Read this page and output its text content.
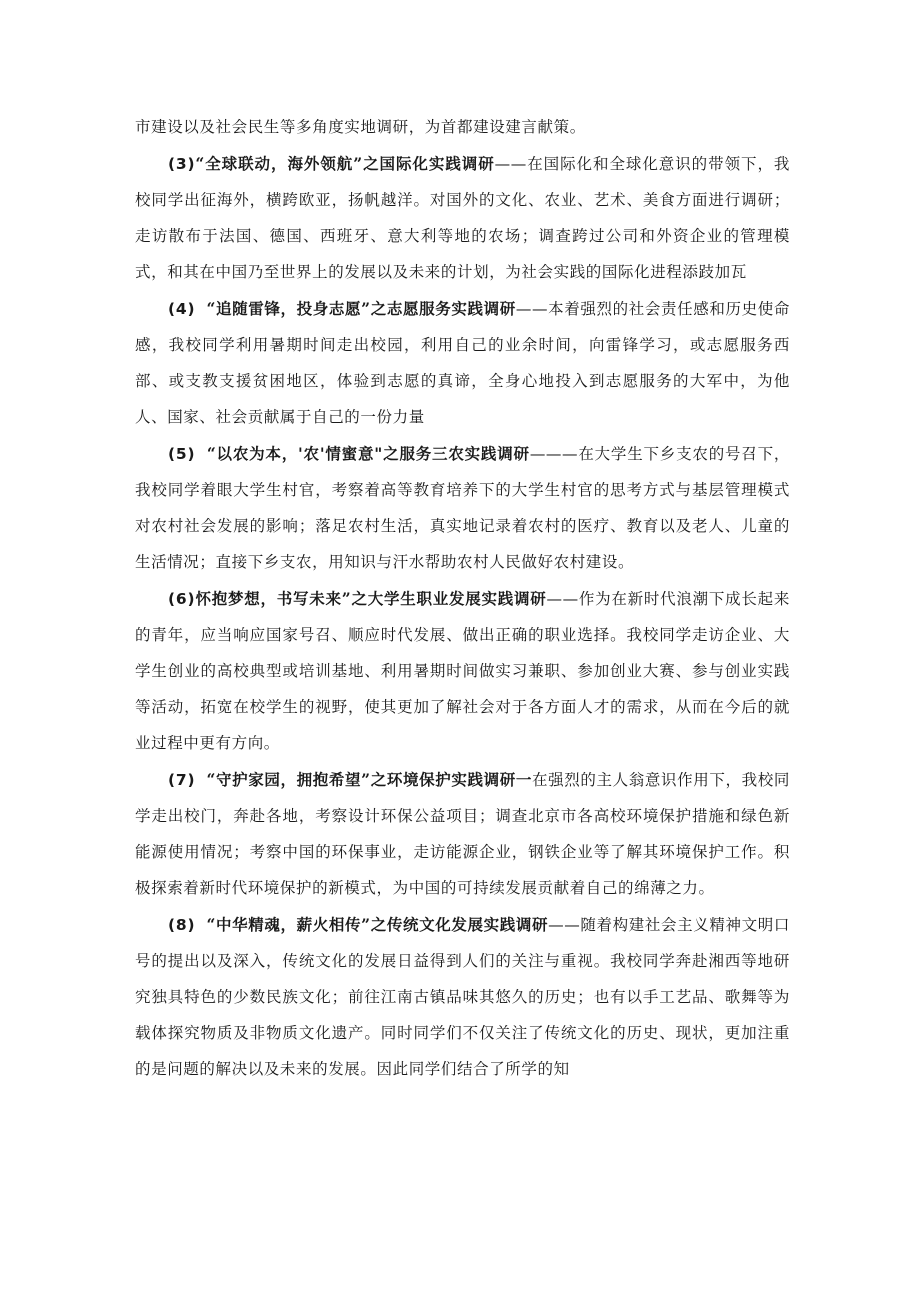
市建设以及社会民生等多角度实地调研，为首都建设建言献策。

(3)“全球联动，海外领航”之国际化实践调研——在国际化和全球化意识的带领下，我校同学出征海外，横跨欧亚，扬帆越洋。对国外的文化、农业、艺术、美食方面进行调研；走访散布于法国、德国、西班牙、意大利等地的农场；调查跨过公司和外资企业的管理模式，和其在中国乃至世界上的发展以及未来的计划，为社会实践的国际化进程添跂加瓦

(4) “追随雷锋，投身志愿”之志愿服务实践调研——本着强烈的社会责任感和历史使命感，我校同学利用暑期时间走出校园，利用自己的业余时间，向雷锋学习，或志愿服务西部、或支教支援贫困地区，体验到志愿的真谛，全身心地投入到志愿服务的大军中，为他人、国家、社会贡献属于自己的一份力量

(5) “以农为本，'农'情蜜意"之服务三农实践调研———在大学生下乡支农的号召下，我校同学着眼大学生村官，考察着高等教育培养下的大学生村官的思考方式与基层管理模式对农村社会发展的影响；落足农村生活，真实地记录着农村的医疗、教育以及老人、儿童的生活情况；直接下乡支农，用知识与汗水帮助农村人民做好农村建设。

(6)怀抱梦想，书写未来”之大学生职业发展实践调研——作为在新时代浪潮下成长起来的青年，应当响应国家号召、顺应时代发展、做出正确的职业选择。我校同学走访企业、大学生创业的高校典型或培训基地、利用暑期时间做实习兼职、参加创业大赛、参与创业实践等活动，拓宽在校学生的视野，使其更加了解社会对于各方面人才的需求，从而在今后的就业过程中更有方向。

(7) “守护家园，拥抱希望”之环境保护实践调研一在强烈的主人翁意识作用下，我校同学走出校门，奔赴各地，考察设计环保公益项目；调查北京市各高校环境保护措施和绿色新能源使用情况；考察中国的环保事业，走访能源企业，钢铁企业等了解其环境保护工作。积极探索着新时代环境保护的新模式，为中国的可持续发展贡献着自己的绵薄之力。

(8) “中华精魂，薪火相传”之传统文化发展实践调研——随着构建社会主义精神文明口号的提出以及深入，传统文化的发展日益得到人们的关注与重视。我校同学奔赴湘西等地研究独具特色的少数民族文化；前往江南古镇品味其悠久的历史；也有以手工艺品、歌舞等为载体探究物质及非物质文化遗产。同时同学们不仅关注了传统文化的历史、现状，更加注重的是问题的解决以及未来的发展。因此同学们结合了所学的知
